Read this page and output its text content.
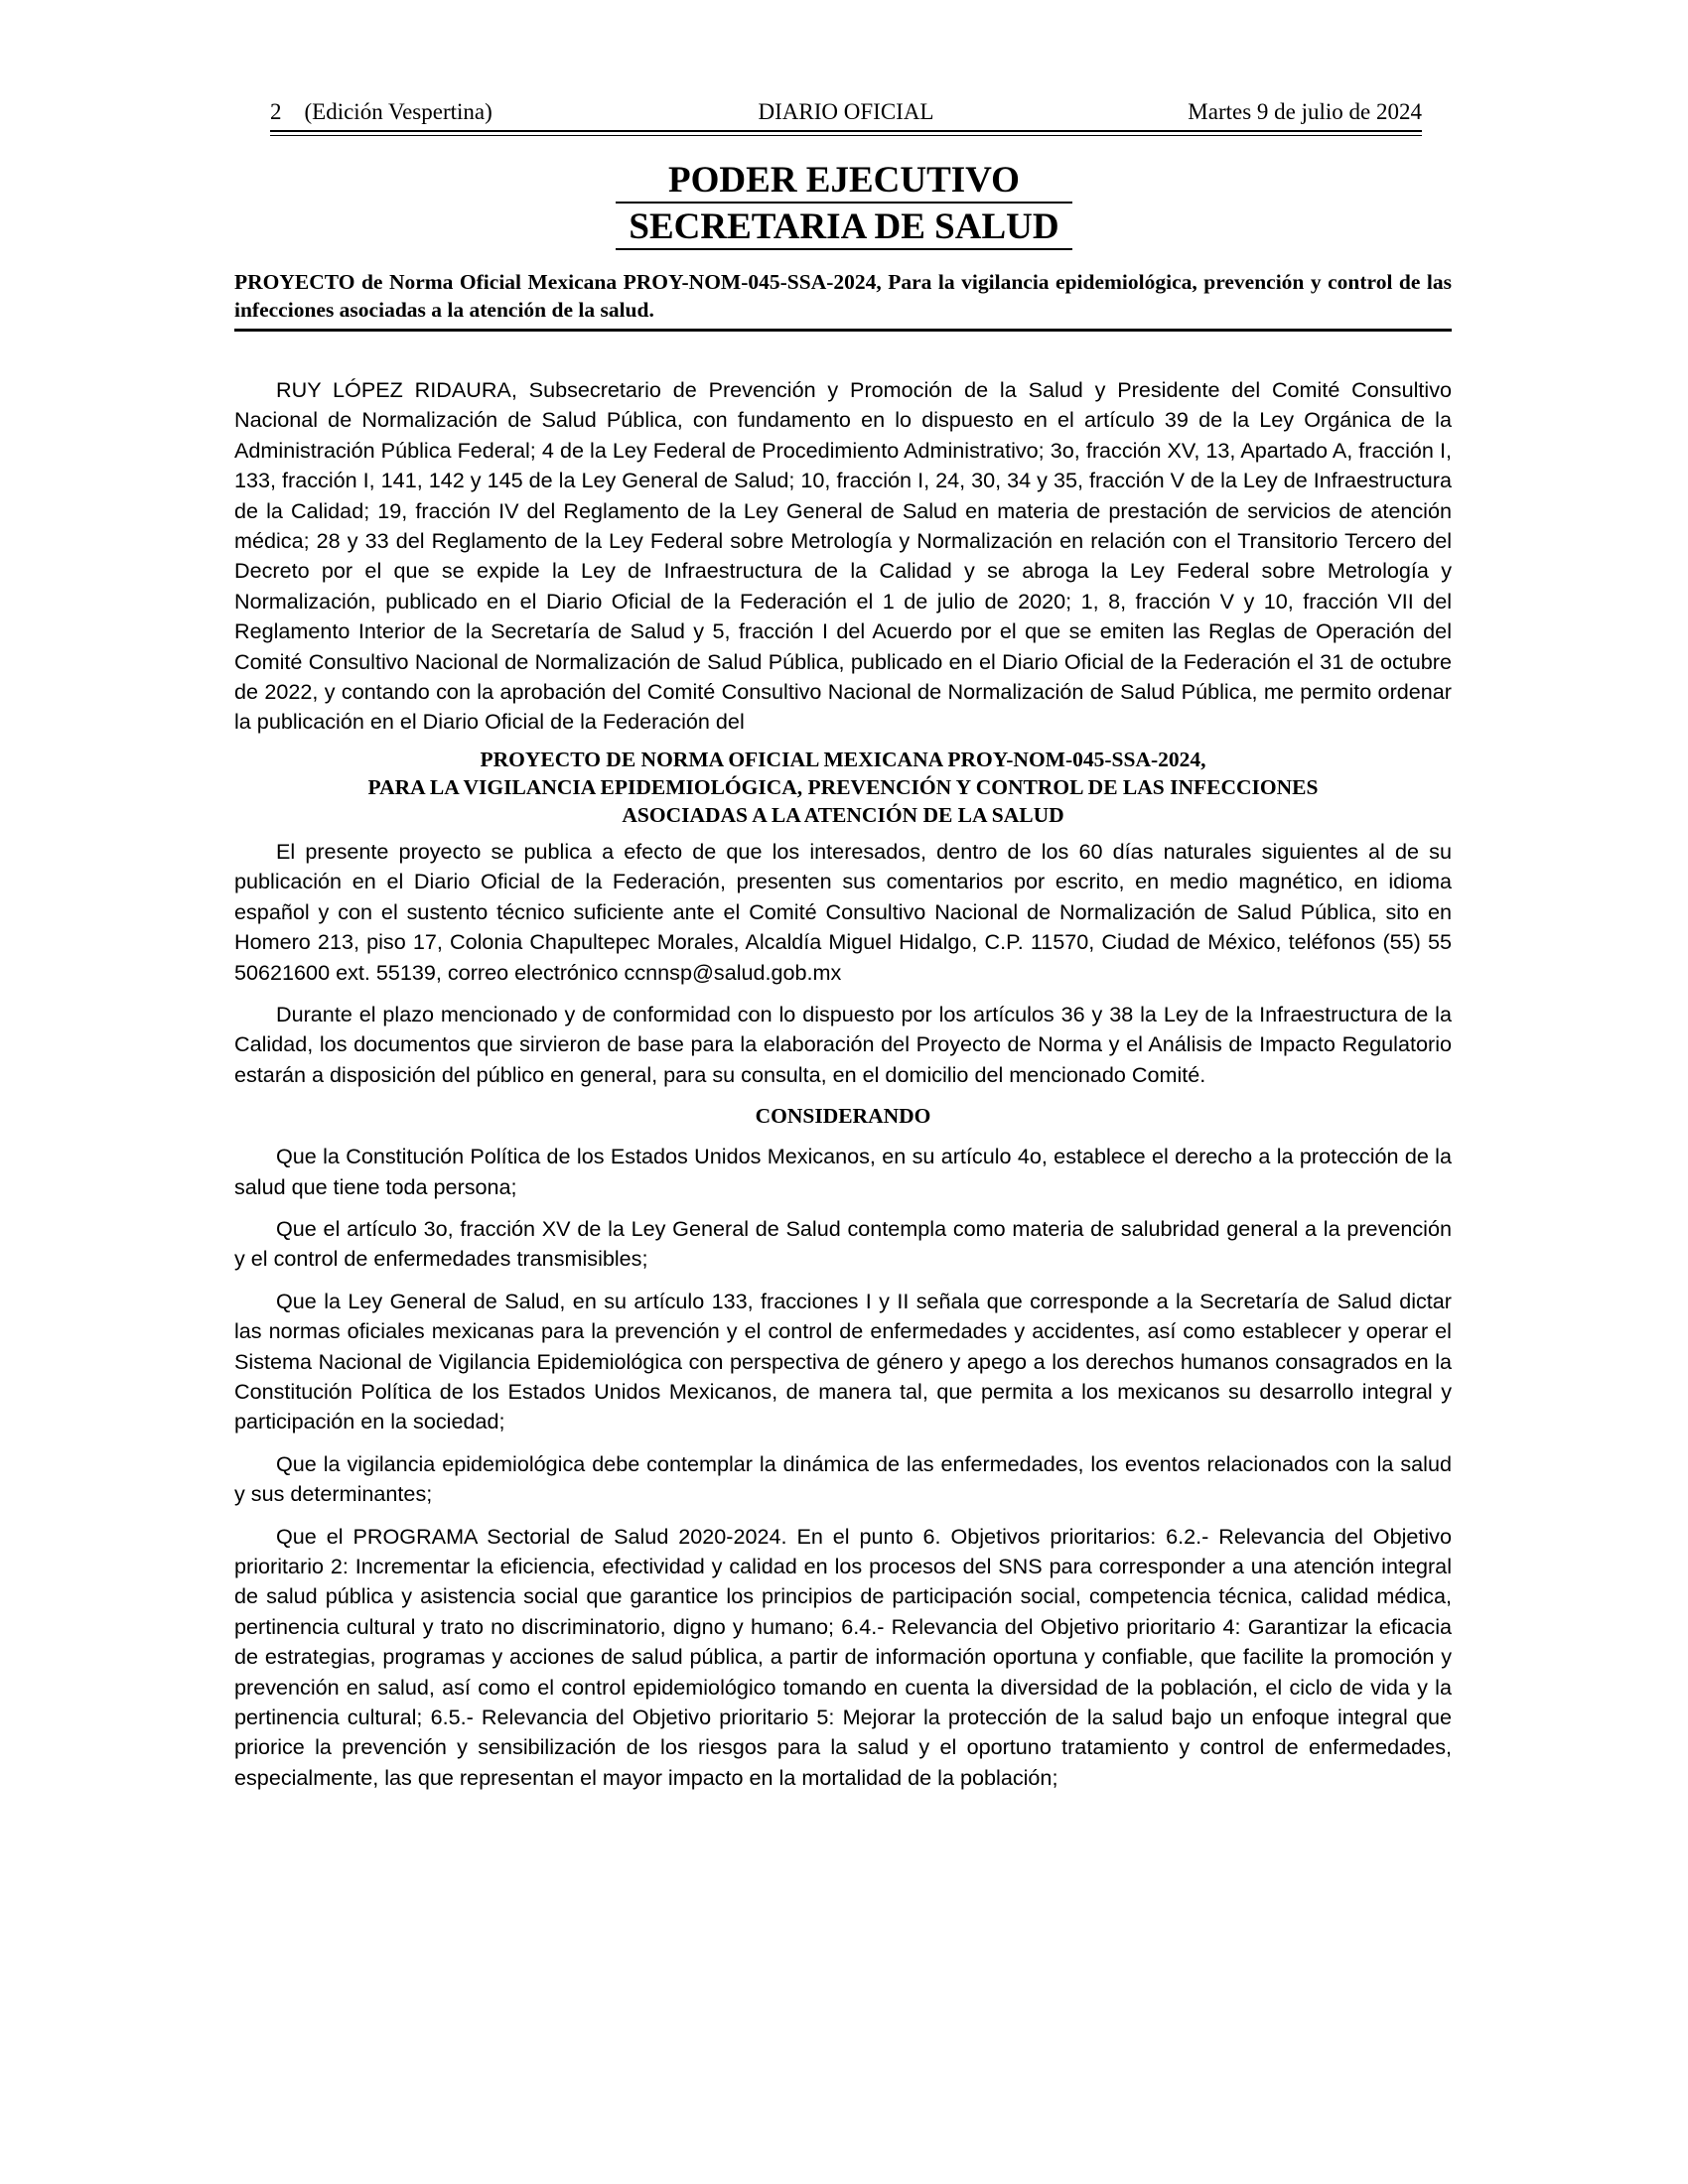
2 (Edición Vespertina)	DIARIO OFICIAL	Martes 9 de julio de 2024
PODER EJECUTIVO
SECRETARIA DE SALUD
PROYECTO de Norma Oficial Mexicana PROY-NOM-045-SSA-2024, Para la vigilancia epidemiológica, prevención y control de las infecciones asociadas a la atención de la salud.

RUY LÓPEZ RIDAURA, Subsecretario de Prevención y Promoción de la Salud y Presidente del Comité Consultivo Nacional de Normalización de Salud Pública, con fundamento en lo dispuesto en el artículo 39 de la Ley Orgánica de la Administración Pública Federal; 4 de la Ley Federal de Procedimiento Administrativo; 3o, fracción XV, 13, Apartado A, fracción I, 133, fracción I, 141, 142 y 145 de la Ley General de Salud; 10, fracción I, 24, 30, 34 y 35, fracción V de la Ley de Infraestructura de la Calidad; 19, fracción IV del Reglamento de la Ley General de Salud en materia de prestación de servicios de atención médica; 28 y 33 del Reglamento de la Ley Federal sobre Metrología y Normalización en relación con el Transitorio Tercero del Decreto por el que se expide la Ley de Infraestructura de la Calidad y se abroga la Ley Federal sobre Metrología y Normalización, publicado en el Diario Oficial de la Federación el 1 de julio de 2020; 1, 8, fracción V y 10, fracción VII del Reglamento Interior de la Secretaría de Salud y 5, fracción I del Acuerdo por el que se emiten las Reglas de Operación del Comité Consultivo Nacional de Normalización de Salud Pública, publicado en el Diario Oficial de la Federación el 31 de octubre de 2022, y contando con la aprobación del Comité Consultivo Nacional de Normalización de Salud Pública, me permito ordenar la publicación en el Diario Oficial de la Federación del

PROYECTO DE NORMA OFICIAL MEXICANA PROY-NOM-045-SSA-2024,
PARA LA VIGILANCIA EPIDEMIOLÓGICA, PREVENCIÓN Y CONTROL DE LAS INFECCIONES
ASOCIADAS A LA ATENCIÓN DE LA SALUD

El presente proyecto se publica a efecto de que los interesados, dentro de los 60 días naturales siguientes al de su publicación en el Diario Oficial de la Federación, presenten sus comentarios por escrito, en medio magnético, en idioma español y con el sustento técnico suficiente ante el Comité Consultivo Nacional de Normalización de Salud Pública, sito en Homero 213, piso 17, Colonia Chapultepec Morales, Alcaldía Miguel Hidalgo, C.P. 11570, Ciudad de México, teléfonos (55) 55 50621600 ext. 55139, correo electrónico ccnnsp@salud.gob.mx

Durante el plazo mencionado y de conformidad con lo dispuesto por los artículos 36 y 38 la Ley de la Infraestructura de la Calidad, los documentos que sirvieron de base para la elaboración del Proyecto de Norma y el Análisis de Impacto Regulatorio estarán a disposición del público en general, para su consulta, en el domicilio del mencionado Comité.

CONSIDERANDO

Que la Constitución Política de los Estados Unidos Mexicanos, en su artículo 4o, establece el derecho a la protección de la salud que tiene toda persona;

Que el artículo 3o, fracción XV de la Ley General de Salud contempla como materia de salubridad general a la prevención y el control de enfermedades transmisibles;

Que la Ley General de Salud, en su artículo 133, fracciones I y II señala que corresponde a la Secretaría de Salud dictar las normas oficiales mexicanas para la prevención y el control de enfermedades y accidentes, así como establecer y operar el Sistema Nacional de Vigilancia Epidemiológica con perspectiva de género y apego a los derechos humanos consagrados en la Constitución Política de los Estados Unidos Mexicanos, de manera tal, que permita a los mexicanos su desarrollo integral y participación en la sociedad;

Que la vigilancia epidemiológica debe contemplar la dinámica de las enfermedades, los eventos relacionados con la salud y sus determinantes;

Que el PROGRAMA Sectorial de Salud 2020-2024. En el punto 6. Objetivos prioritarios: 6.2.- Relevancia del Objetivo prioritario 2: Incrementar la eficiencia, efectividad y calidad en los procesos del SNS para corresponder a una atención integral de salud pública y asistencia social que garantice los principios de participación social, competencia técnica, calidad médica, pertinencia cultural y trato no discriminatorio, digno y humano; 6.4.- Relevancia del Objetivo prioritario 4: Garantizar la eficacia de estrategias, programas y acciones de salud pública, a partir de información oportuna y confiable, que facilite la promoción y prevención en salud, así como el control epidemiológico tomando en cuenta la diversidad de la población, el ciclo de vida y la pertinencia cultural; 6.5.- Relevancia del Objetivo prioritario 5: Mejorar la protección de la salud bajo un enfoque integral que priorice la prevención y sensibilización de los riesgos para la salud y el oportuno tratamiento y control de enfermedades, especialmente, las que representan el mayor impacto en la mortalidad de la población;
